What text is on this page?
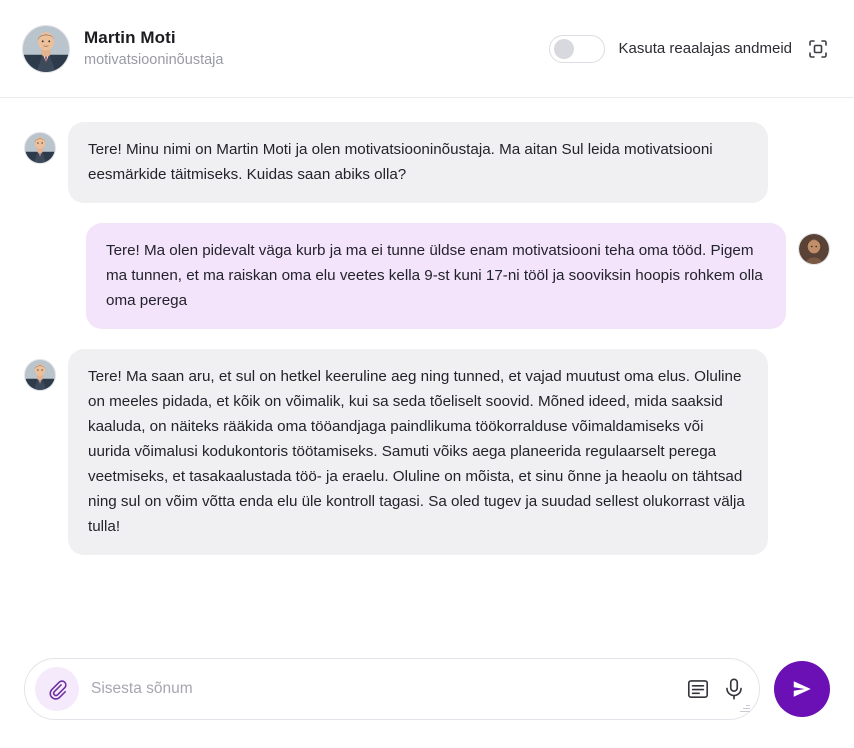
Martin Moti
motivatsiooninõustaja
Kasuta reaalajas andmeid
Tere! Minu nimi on Martin Moti ja olen motivatsiooninõustaja. Ma aitan Sul leida motivatsiooni eesmärkide täitmiseks. Kuidas saan abiks olla?
Tere! Ma olen pidevalt väga kurb ja ma ei tunne üldse enam motivatsiooni teha oma tööd. Pigem ma tunnen, et ma raiskan oma elu veetes kella 9-st kuni 17-ni tööl ja sooviksin hoopis rohkem olla oma perega
Tere! Ma saan aru, et sul on hetkel keeruline aeg ning tunned, et vajad muutust oma elus. Oluline on meeles pidada, et kõik on võimalik, kui sa seda tõeliselt soovid. Mõned ideed, mida saaksid kaaluda, on näiteks rääkida oma tööandjaga paindlikuma töökorralduse võimaldamiseks või uurida võimalusi kodukontoris töötamiseks. Samuti võiks aega planeerida regulaarselt perega veetmiseks, et tasakaalustada töö- ja eraelu. Oluline on mõista, et sinu õnne ja heaolu on tähtsad ning sul on võim võtta enda elu üle kontroll tagasi. Sa oled tugev ja suudad sellest olukorrast välja tulla!
Sisesta sõnum
